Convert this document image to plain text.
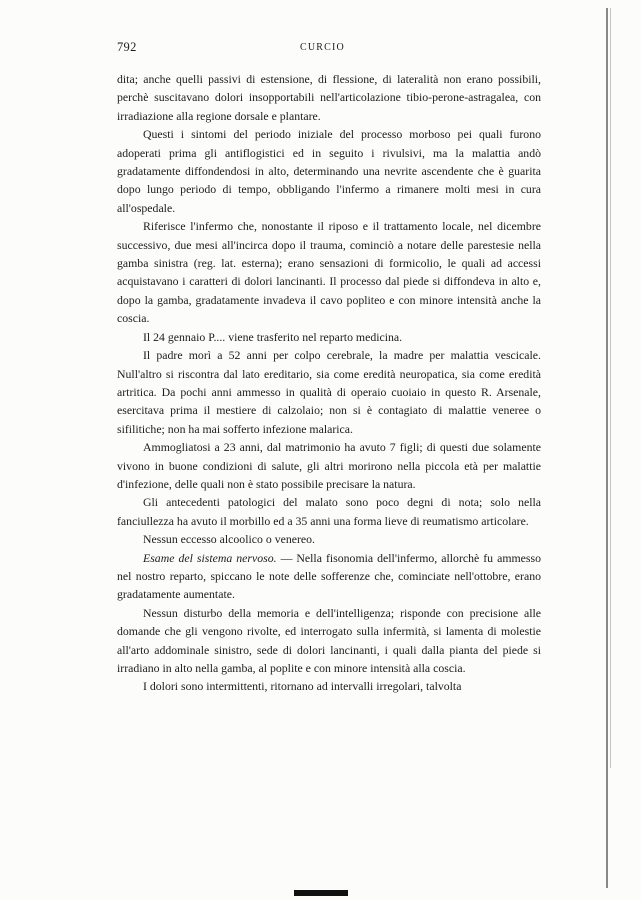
792	CURCIO

dita; anche quelli passivi di estensione, di flessione, di lateralità non erano possibili, perchè suscitavano dolori insopportabili nell'articolazione tibio-perone-astragalea, con irradiazione alla regione dorsale e plantare.

Questi i sintomi del periodo iniziale del processo morboso pei quali furono adoperati prima gli antiflogistici ed in seguito i rivulsivi, ma la malattia andò gradatamente diffondendosi in alto, determinando una nevrite ascendente che è guarita dopo lungo periodo di tempo, obbligando l'infermo a rimanere molti mesi in cura all'ospedale.

Riferisce l'infermo che, nonostante il riposo e il trattamento locale, nel dicembre successivo, due mesi all'incirca dopo il trauma, cominciò a notare delle parestesie nella gamba sinistra (reg. lat. esterna); erano sensazioni di formicolio, le quali ad accessi acquistavano i caratteri di dolori lancinanti. Il processo dal piede si diffondeva in alto e, dopo la gamba, gradatamente invadeva il cavo popliteo e con minore intensità anche la coscia.

Il 24 gennaio P.... viene trasferito nel reparto medicina.

Il padre morì a 52 anni per colpo cerebrale, la madre per malattia vescicale. Null'altro si riscontra dal lato ereditario, sia come eredità neuropatica, sia come eredità artritica. Da pochi anni ammesso in qualità di operaio cuoiaio in questo R. Arsenale, esercitava prima il mestiere di calzolaio; non si è contagiato di malattie veneree o sifilitiche; non ha mai sofferto infezione malarica.

Ammogliatosi a 23 anni, dal matrimonio ha avuto 7 figli; di questi due solamente vivono in buone condizioni di salute, gli altri morirono nella piccola età per malattie d'infezione, delle quali non è stato possibile precisare la natura.

Gli antecedenti patologici del malato sono poco degni di nota; solo nella fanciullezza ha avuto il morbillo ed a 35 anni una forma lieve di reumatismo articolare.

Nessun eccesso alcoolico o venereo.

Esame del sistema nervoso. — Nella fisonomia dell'infermo, allorchè fu ammesso nel nostro reparto, spiccano le note delle sofferenze che, cominciate nell'ottobre, erano gradatamente aumentate.

Nessun disturbo della memoria e dell'intelligenza; risponde con precisione alle domande che gli vengono rivolte, ed interrogato sulla infermità, si lamenta di molestie all'arto addominale sinistro, sede di dolori lancinanti, i quali dalla pianta del piede si irradiano in alto nella gamba, al poplite e con minore intensità alla coscia.

I dolori sono intermittenti, ritornano ad intervalli irregolari, talvolta
